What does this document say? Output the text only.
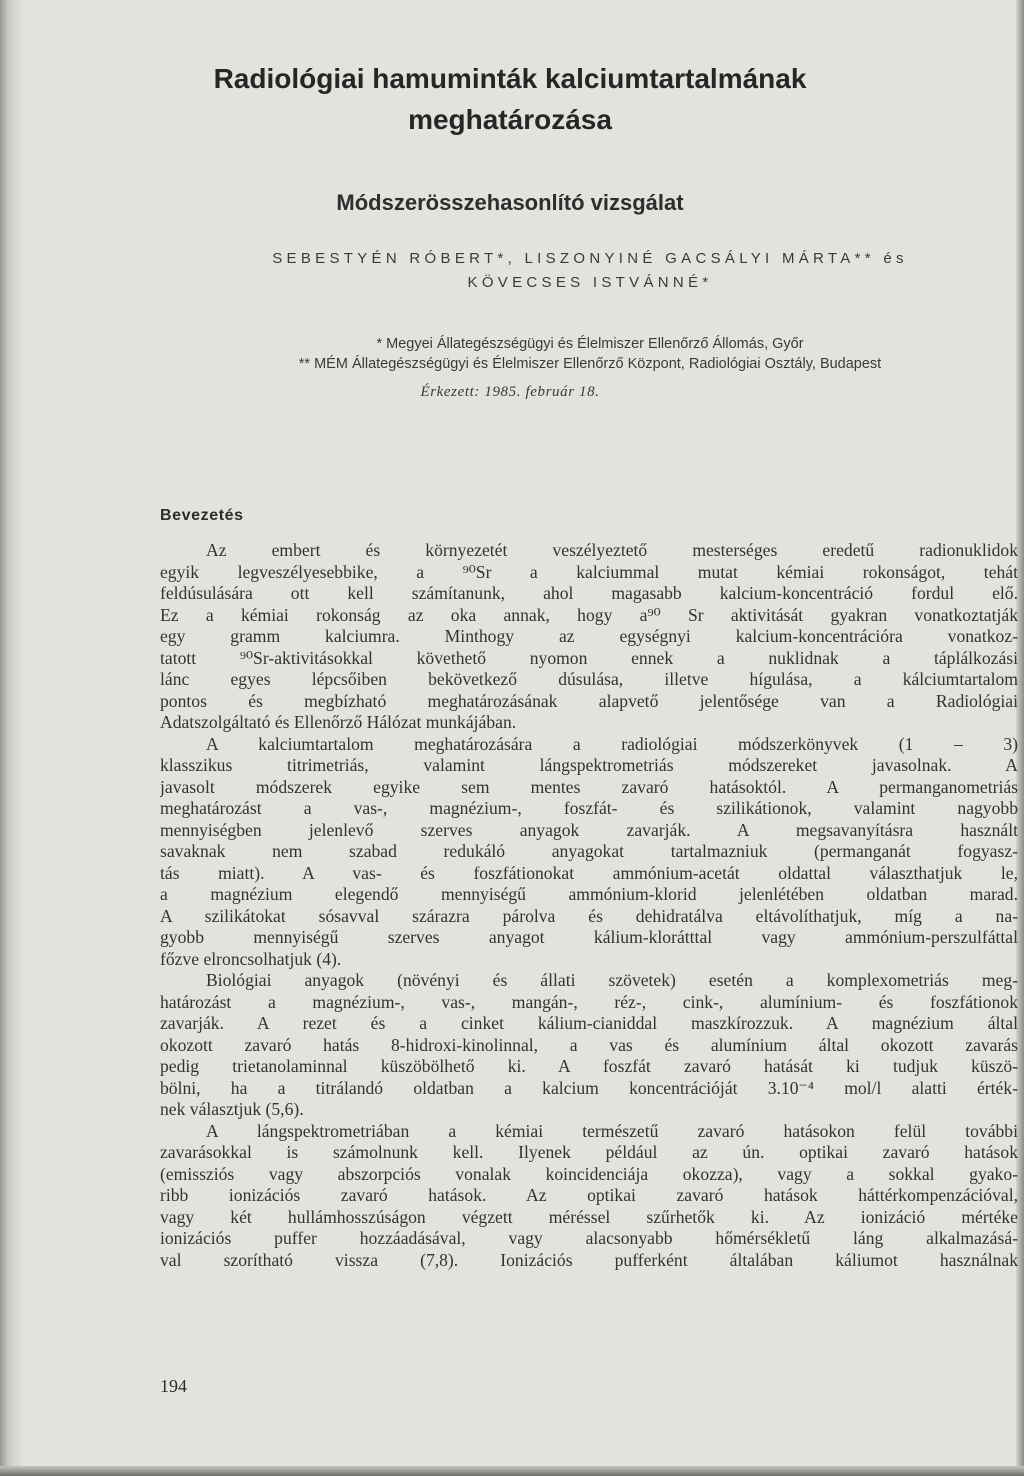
Radiológiai hamuminták kalciumtartalmának
meghatározása
Módszerösszehasonlító vizsgálat
SEBESTYÉN RÓBERT*, LISZONYINÉ GACSÁLYI MÁRTA** és
KÖVECSES ISTVÁNNÉ*
* Megyei Állategészségügyi és Élelmiszer Ellenőrző Állomás, Győr
** MÉM Állategészségügyi és Élelmiszer Ellenőrző Központ, Radiológiai Osztály, Budapest
Érkezett: 1985. február 18.
Bevezetés
Az embert és környezetét veszélyeztető mesterséges eredetű radionuklidok
egyik legveszélyesebbike, a ⁹⁰Sr a kalciummal mutat kémiai rokonságot, tehát
feldúsulására ott kell számítanunk, ahol magasabb kalcium-koncentráció fordul elő.
Ez a kémiai rokonság az oka annak, hogy a⁹⁰ Sr aktivitását gyakran vonatkoztatják
egy gramm kalciumra. Minthogy az egységnyi kalcium-koncentrációra vonatkoz-
tatott ⁹⁰Sr-aktivitásokkal követhető nyomon ennek a nuklidnak a táplálkozási
lánc egyes lépcsőiben bekövetkező dúsulása, illetve hígulása, a kálciumtartalom
pontos és megbízható meghatározásának alapvető jelentősége van a Radiológiai
Adatszolgáltató és Ellenőrző Hálózat munkájában.
A kalciumtartalom meghatározására a radiológiai módszerkönyvek (1 – 3)
klasszikus titrimetriás, valamint lángspektrometriás módszereket javasolnak. A
javasolt módszerek egyike sem mentes zavaró hatásoktól. A permanganometriás
meghatározást a vas-, magnézium-, foszfát- és szilikátionok, valamint nagyobb
mennyiségben jelenlevő szerves anyagok zavarják. A megsavanyításra használt
savaknak nem szabad redukáló anyagokat tartalmazniuk (permanganát fogyasz-
tás miatt). A vas- és foszfátionokat ammónium-acetát oldattal választhatjuk le,
a magnézium elegendő mennyiségű ammónium-klorid jelenlétében oldatban marad.
A szilikátokat sósavval szárazra párolva és dehidratálva eltávolíthatjuk, míg a na-
gyobb mennyiségű szerves anyagot kálium-klorátttal vagy ammónium-perszulfáttal
főzve elroncsolhatjuk (4).
Biológiai anyagok (növényi és állati szövetek) esetén a komplexometriás meg-
határozást a magnézium-, vas-, mangán-, réz-, cink-, alumínium- és foszfátionok
zavarják. A rezet és a cinket kálium-cianiddal maszkírozzuk. A magnézium által
okozott zavaró hatás 8-hidroxi-kinolinnal, a vas és alumínium által okozott zavarás
pedig trietanolaminnal küszöbölhető ki. A foszfát zavaró hatását ki tudjuk küszö-
bölni, ha a titrálandó oldatban a kalcium koncentrációját 3.10⁻⁴ mol/l alatti érték-
nek választjuk (5,6).
A lángspektrometriában a kémiai természetű zavaró hatásokon felül további
zavarásokkal is számolnunk kell. Ilyenek például az ún. optikai zavaró hatások
(emissziós vagy abszorpciós vonalak koincidenciája okozza), vagy a sokkal gyako-
ribb ionizációs zavaró hatások. Az optikai zavaró hatások háttérkompenzációval,
vagy két hullámhosszúságon végzett méréssel szűrhetők ki. Az ionizáció mértéke
ionizációs puffer hozzáadásával, vagy alacsonyabb hőmérsékletű láng alkalmazásá-
val szorítható vissza (7,8). Ionizációs pufferként általában káliumot használnak
194
